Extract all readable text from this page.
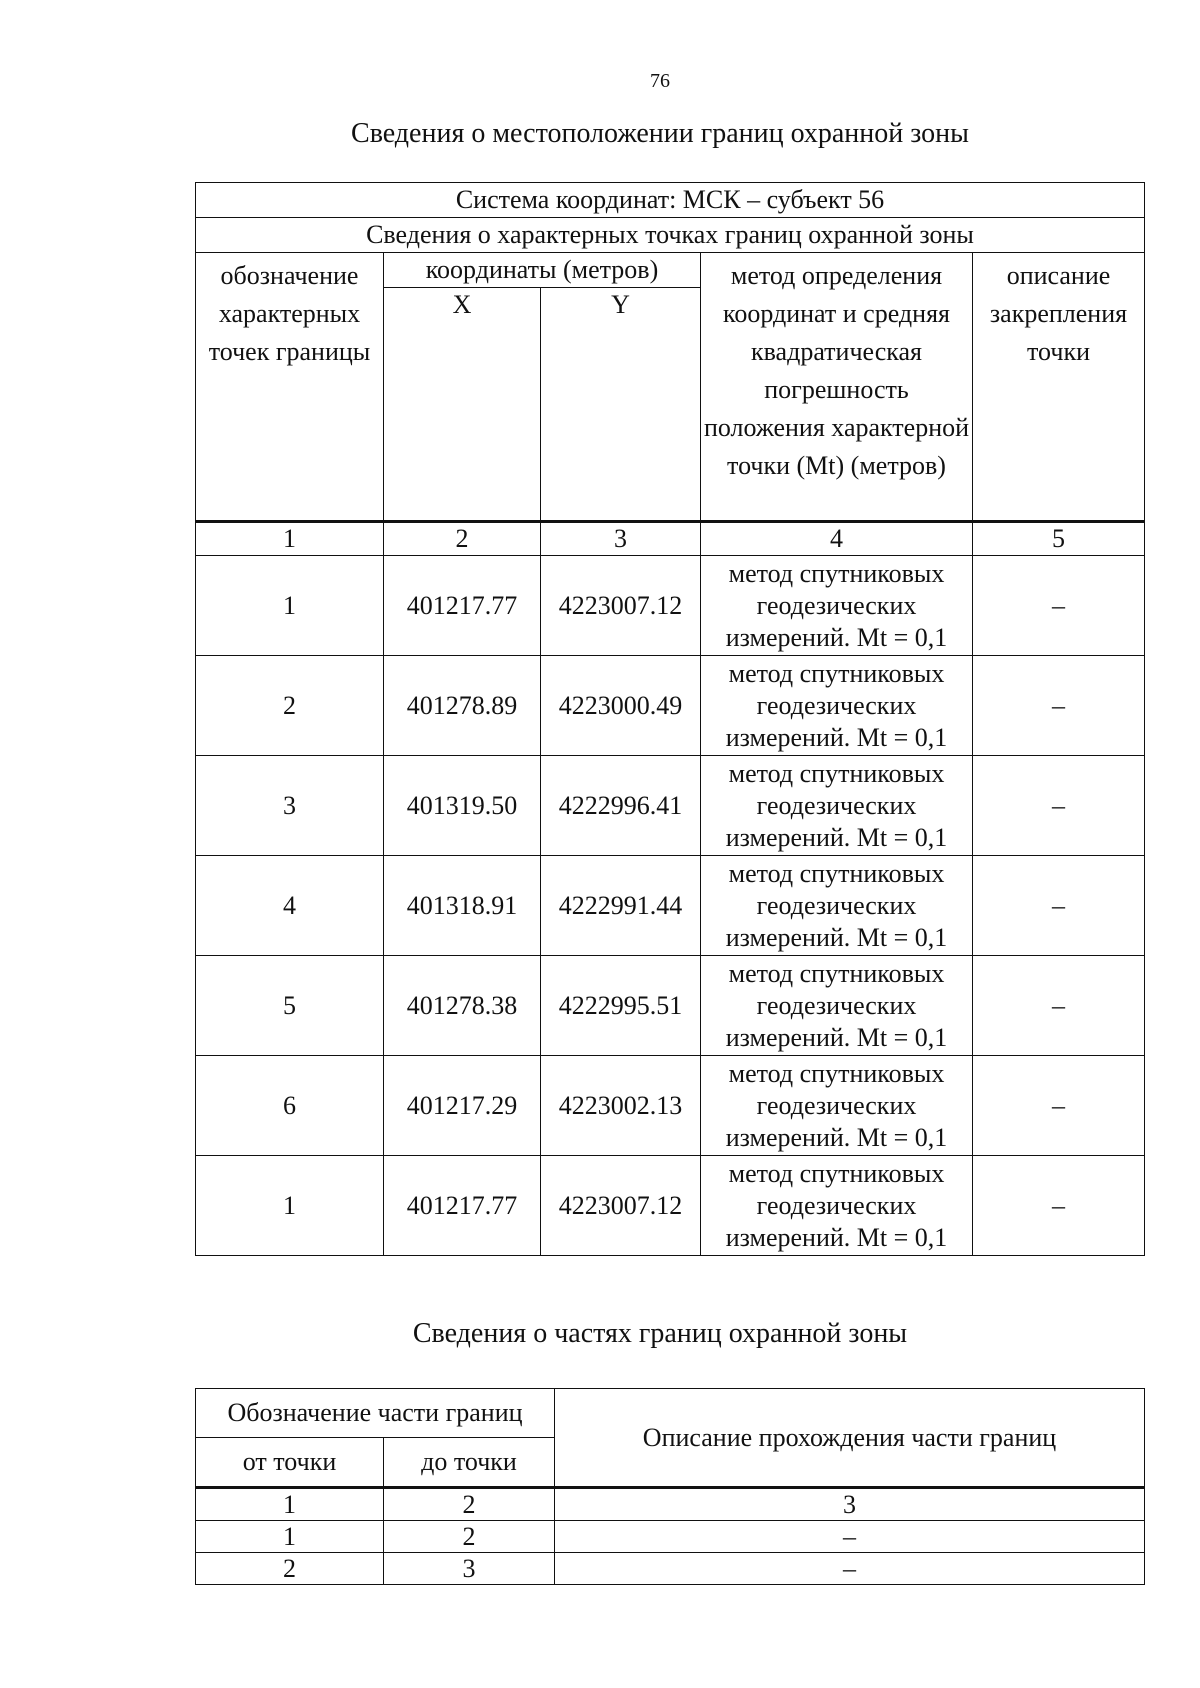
76
Сведения о местоположении границ охранной зоны
Система координат: МСК – субъект 56				
Сведения о характерных точках границ охранной зоны				
обозначение характерных точек границы	координаты (метров)		метод определения координат и средняя квадратическая погрешность положения характерной точки (Mt) (метров)	описание закрепления точки
	X	Y		
1	2	3	4	5
1	401217.77	4223007.12	метод спутниковых геодезических измерений. Mt = 0,1	–
2	401278.89	4223000.49	метод спутниковых геодезических измерений. Mt = 0,1	–
3	401319.50	4222996.41	метод спутниковых геодезических измерений. Mt = 0,1	–
4	401318.91	4222991.44	метод спутниковых геодезических измерений. Mt = 0,1	–
5	401278.38	4222995.51	метод спутниковых геодезических измерений. Mt = 0,1	–
6	401217.29	4223002.13	метод спутниковых геодезических измерений. Mt = 0,1	–
1	401217.77	4223007.12	метод спутниковых геодезических измерений. Mt = 0,1	–
Сведения о частях границ охранной зоны
Обозначение части границ		Описание прохождения части границ
от точки	до точки	
1	2	3
1	2	–
2	3	–
